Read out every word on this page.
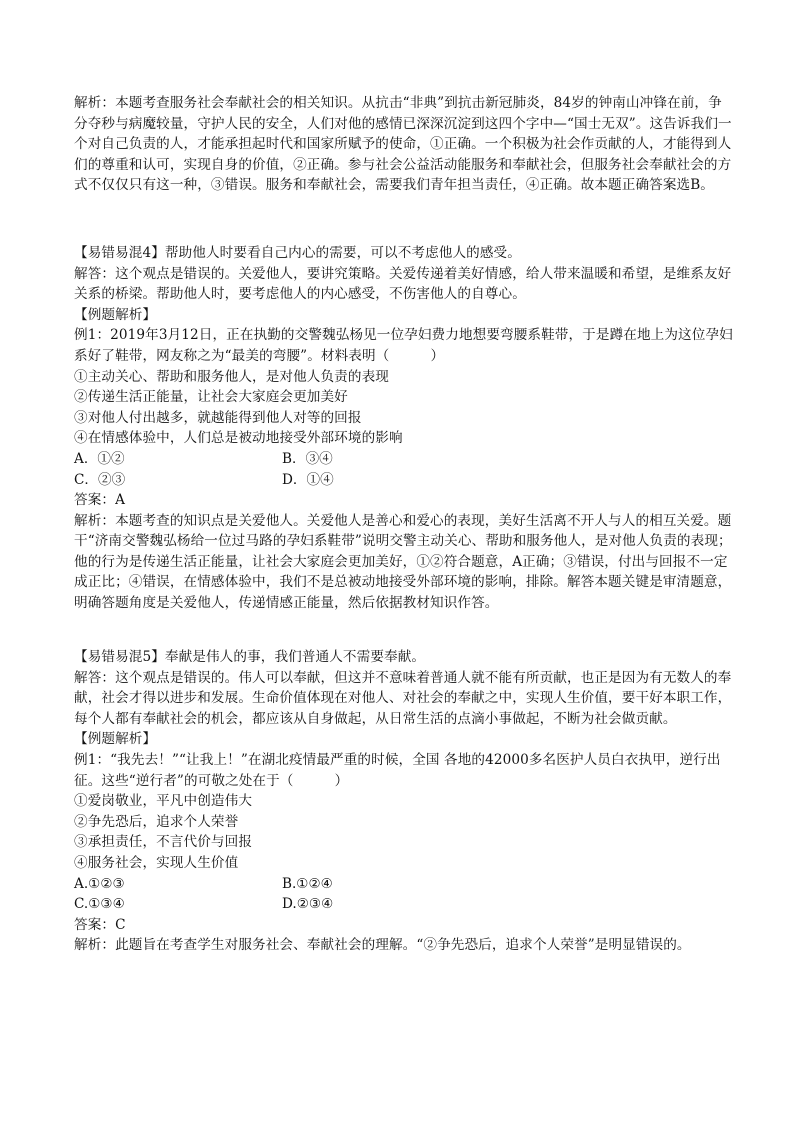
解析：本题考查服务社会奉献社会的相关知识。从抗击“非典”到抗击新冠肺炎，84岁的钟南山冲锋在前，争分夺秒与病魔较量，守护人民的安全，人们对他的感情已深深沉淀到这四个字中—“国士无双”。这告诉我们一个对自己负责的人，才能承担起时代和国家所赋予的使命，①正确。一个积极为社会作贡献的人，才能得到人们的尊重和认可，实现自身的价值，②正确。参与社会公益活动能服务和奉献社会，但服务社会奉献社会的方式不仅仅只有这一种，③错误。服务和奉献社会，需要我们青年担当责任，④正确。故本题正确答案选B。

【易错易混4】帮助他人时要看自己内心的需要，可以不考虑他人的感受。

解答：这个观点是错误的。关爱他人，要讲究策略。关爱传递着美好情感，给人带来温暖和希望，是维系友好关系的桥梁。帮助他人时，要考虑他人的内心感受，不伤害他人的自尊心。

【例题解析】

例1：2019年3月12日，正在执勤的交警魏弘杨见一位孕妇费力地想要弯腰系鞋带，于是蹲在地上为这位孕妇系好了鞋带，网友称之为“最美的弯腰”。材料表明（　　　）

①主动关心、帮助和服务他人，是对他人负责的表现

②传递生活正能量，让社会大家庭会更加美好

③对他人付出越多，就越能得到他人对等的回报

④在情感体验中，人们总是被动地接受外部环境的影响

A．①②	B．③④
C．②③	D．①④

答案：A

解析：本题考查的知识点是关爱他人。关爱他人是善心和爱心的表现，美好生活离不开人与人的相互关爱。题干“济南交警魏弘杨给一位过马路的孕妇系鞋带”说明交警主动关心、帮助和服务他人，是对他人负责的表现；他的行为是传递生活正能量，让社会大家庭会更加美好，①②符合题意，A正确；③错误，付出与回报不一定成正比；④错误，在情感体验中，我们不是总被动地接受外部环境的影响，排除。解答本题关键是审清题意，明确答题角度是关爱他人，传递情感正能量，然后依据教材知识作答。

【易错易混5】奉献是伟人的事，我们普通人不需要奉献。

解答：这个观点是错误的。伟人可以奉献，但这并不意味着普通人就不能有所贡献，也正是因为有无数人的奉献，社会才得以进步和发展。生命价值体现在对他人、对社会的奉献之中，实现人生价值，要干好本职工作，每个人都有奉献社会的机会，都应该从自身做起，从日常生活的点滴小事做起，不断为社会做贡献。

【例题解析】

例1：“我先去！”“让我上！”在湖北疫情最严重的时候，全国 各地的42000多名医护人员白衣执甲，逆行出征。这些“逆行者”的可敬之处在于（　　　）

①爱岗敬业，平凡中创造伟大

②争先恐后，追求个人荣誉

③承担责任，不言代价与回报

④服务社会，实现人生价值

A.①②③	B.①②④
C.①③④	D.②③④

答案：C

解析：此题旨在考查学生对服务社会、奉献社会的理解。“②争先恐后，追求个人荣誉”是明显错误的。
